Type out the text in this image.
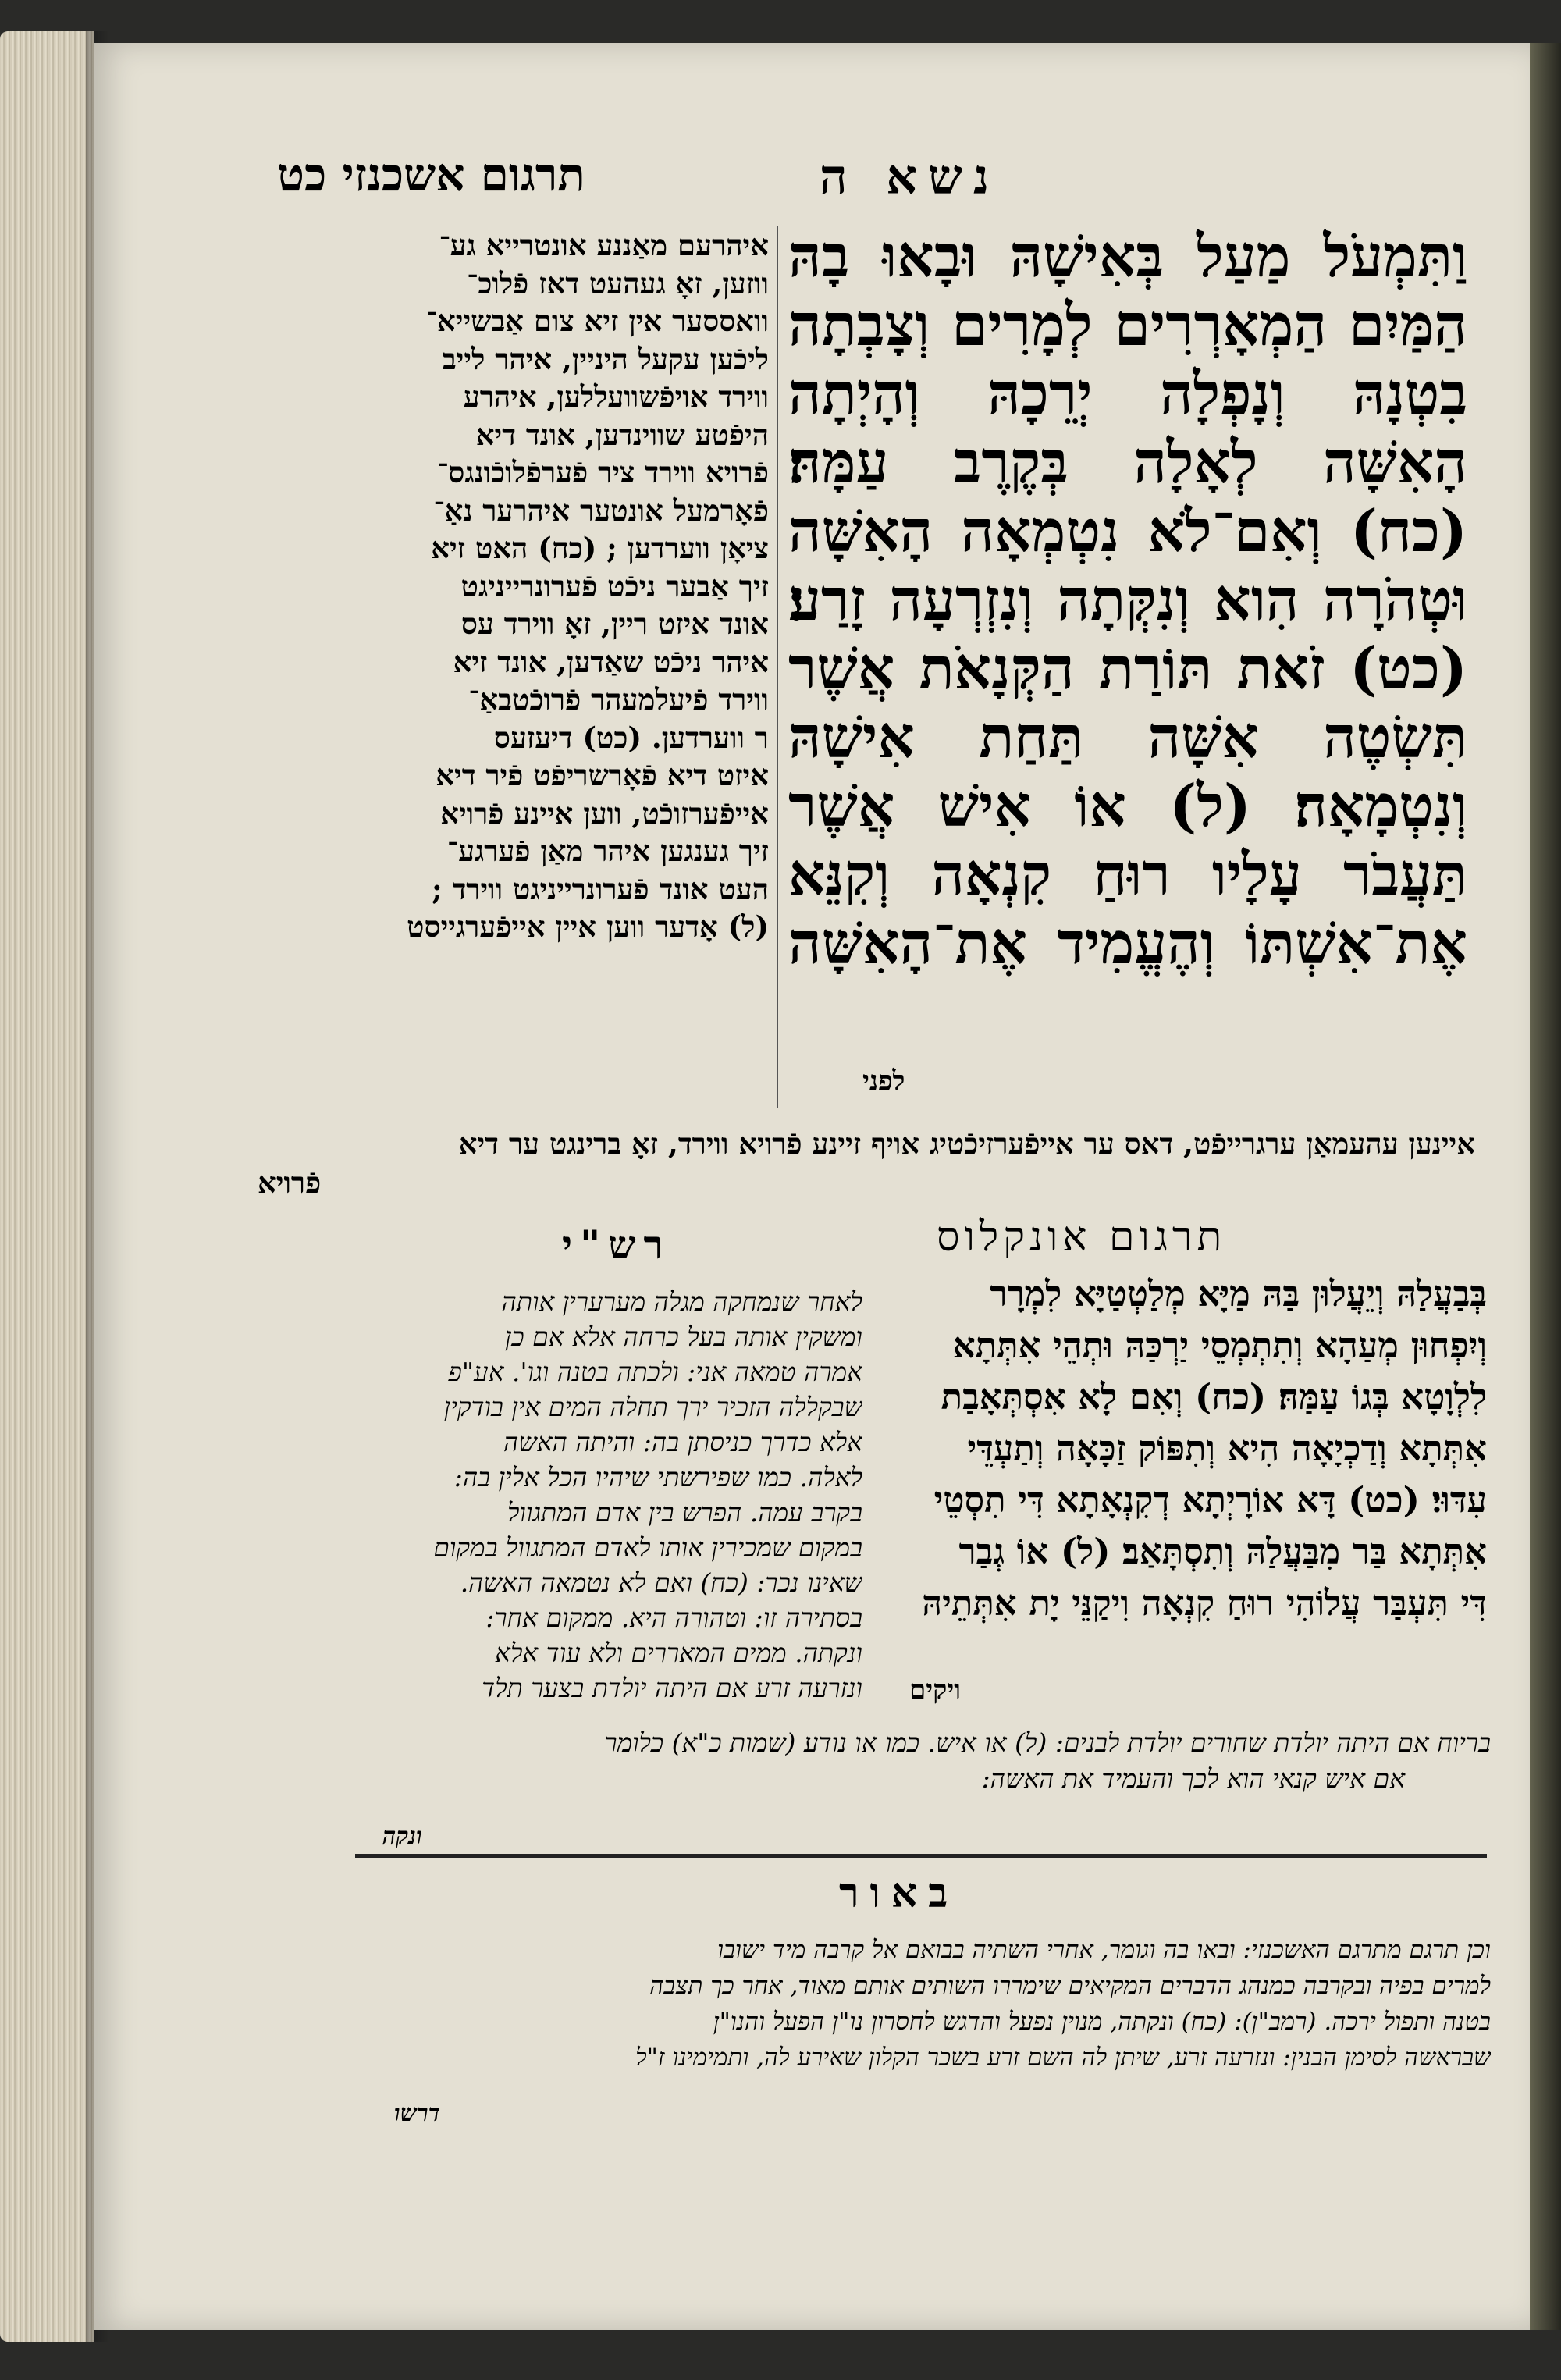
תרגום אשכנזי כט	נשא ה
וַתִּמְעֹל מַעַל בְּאִישָׁהּ וּבָאוּ בָהּ
הַמַּיִם הַמְאָרְרִים לְמָרִים וְצָבְתָה
בִטְנָהּ וְנָפְלָה יְרֵכָהּ וְהָיְתָה
הָאִשָּׁה לְאָלָה בְּקֶרֶב עַמָּהּ׃
(כח) וְאִם־לֹא נִטְמְאָה הָאִשָּׁה
וּטְהֹרָה הִוא וְנִקְּתָה וְנִזְרְעָה זָרַע׃
(כט) זֹאת תּוֹרַת הַקְּנָאֹת אֲשֶׁר
תִּשְׂטֶה אִשָּׁה תַּחַת אִישָׁהּ
וְנִטְמָאָה׃ (ל) אוֹ אִישׁ אֲשֶׁר
תַּעֲבֹר עָלָיו רוּחַ קִנְאָה וְקִנֵּא
אֶת־אִשְׁתּוֹ וְהֶעֱמִיד אֶת־הָאִשָּׁה
לפני
איהרעם מאַננע אונטרייא גע־
ווזען, זאָ געהעט דאז פֿלוכ־
וואססער אין זיא צום אַבשייא־
ליכֿען עקעל היניין, איהר לייב
ווירד אויפֿשוועללען, איהרע
היפֿטע שווינדען, אונד דיא
פֿרויא ווירד ציר פֿערפֿלוכֿונגס־
פֿאָרמעל אונטער איהרער נאַ־
ציאָן ווערדען ; (כח) האט זיא
זיך אַבער ניכֿט פֿערונרייניגט
אונד איזט ריין, זאָ ווירד עס
איהר ניכֿט שאַדען, אונד זיא
ווירד פֿיעלמעהר פֿרוכֿטבאַ־
ר ווערדען. (כט) דיעזעס
איזט דיא פֿאָרשריפֿט פֿיר דיא
אייפֿערזוכֿט, ווען איינע פֿרויא
זיך גענגען איהר מאַן פֿערגע־
העט אונד פֿערונרייניגט ווירד ;
(ל) אָדער ווען איין אייפֿערגייסט
איינען עהעמאַן ערגרייפֿט, דאס ער אייפֿערזיכֿטיג אויף זיינע פֿרויא ווירד, זאָ ברינגט ער דיא
פֿרויא
תרגום אונקלוס
בְּבַעֲלַהּ וְיֵעֲלוּן בַּהּ מַיָּא מְלַטְטַיָּא לִמְרָר
וְיִפְחוּן מְעַהָא וְתִתְמְסֵי יַרְכַּהּ וּתְהֵי אִתְּתָא
לִלְוָטָא בְּגוֹ עַמַּהּ׃ (כח) וְאִם לָא אִסְתְּאָבַת
אִתְּתָא וְדַכְיָאָה הִיא וְתִפּוֹק זַכָּאָה וְתַעְדֵּי
עִדּוּי׃ (כט) דָּא אוֹרָיְתָא דְקִנְאָתָא דִּי תִסְטֵי
אִתְּתָא בַּר מִבַּעֲלַהּ וְתִסְתָּאַב׃ (ל) אוֹ גְבַר
דִּי תִּעְבַּר עֲלוֹהִי רוּחַ קִנְאָה וִיקַנֵּי יָת אִתְּתֵיהּ
ויקים
רש"י
לאחר שנמחקה מגלה מערערין אותה
ומשקין אותה בעל כרחה אלא אם כן
אמרה טמאה אני: ולכתה בטנה וגו'. אע"פ
שבקללה הזכיר ירך תחלה המים אין בודקין
אלא כדרך כניסתן בה: והיתה האשה
לאלה. כמו שפירשתי שיהיו הכל אלין בה:
בקרב עמה. הפרש בין אדם המתגוול
במקום שמכירין אותו לאדם המתגוול במקום
שאינו נכר: (כח) ואם לא נטמאה האשה.
בסתירה זו: וטהורה היא. ממקום אחר:
ונקתה. ממים המאררים ולא עוד אלא
ונזרעה זרע אם היתה יולדת בצער תלד
בריוח אם היתה יולדת שחורים יולדת לבנים: (ל) או איש. כמו או נודע (שמות כ"א) כלומר
אם איש קנאי הוא לכך והעמיד את האשה:
ונקה
באור
וכן תרגם מתרגם האשכנזי: ובאו בה וגומר, אחרי השתיה בבואם אל קרבה מיד ישובו
למרים בפיה ובקרבה כמנהג הדברים המקיאים שימררו השותים אותם מאוד, אחר כך תצבה
בטנה ותפול ירכה. (רמב"ן): (כח) ונקתה, מנוין נפעל והדגש לחסרון נו"ן הפעל והנו"ן
שבראשה לסימן הבנין: ונזרעה זרע, שיתן לה השם זרע בשכר הקלון שאירע לה, ותמימינו ז"ל
דרשו
